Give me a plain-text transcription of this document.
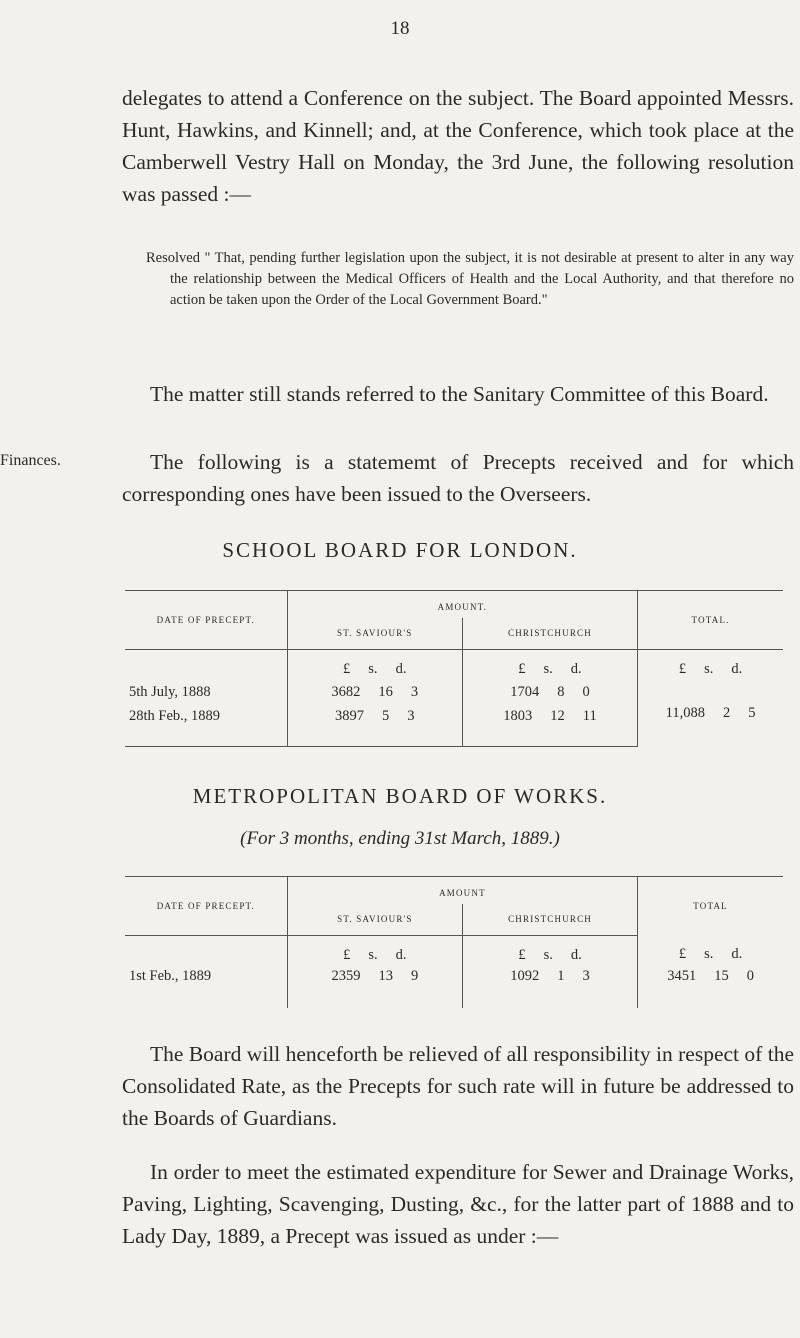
18
delegates to attend a Conference on the subject. The Board appointed Messrs. Hunt, Hawkins, and Kinnell; and, at the Conference, which took place at the Camberwell Vestry Hall on Monday, the 3rd June, the following resolution was passed :—
Resolved " That, pending further legislation upon the subject, it is not desirable at present to alter in any way the relationship between the Medical Officers of Health and the Local Authority, and that therefore no action be taken upon the Order of the Local Government Board."
The matter still stands referred to the Sanitary Committee of this Board.
Finances.	The following is a statememt of Precepts received and for which corresponding ones have been issued to the Overseers.
SCHOOL BOARD FOR LONDON.
DATE OF PRECEPT.	AMOUNT.		TOTAL.
	ST. SAVIOUR'S	CHRISTCHURCH	

	£ s. d.	£ s. d.	£ s. d.

5th July, 1888	3682 16 3	1704 8 0	11,088 2 5

28th Feb., 1889	3897 5 3	1803 12 11	
METROPOLITAN BOARD OF WORKS.
(For 3 months, ending 31st March, 1889.)
DATE OF PRECEPT.	AMOUNT		TOTAL
	ST. SAVIOUR'S	CHRISTCHURCH	

	£ s. d.	£ s. d.	£ s. d.

1st Feb., 1889	2359 13 9	1092 1 3	3451 15 0
The Board will henceforth be relieved of all responsibility in respect of the Consolidated Rate, as the Precepts for such rate will in future be addressed to the Boards of Guardians.
In order to meet the estimated expenditure for Sewer and Drainage Works, Paving, Lighting, Scavenging, Dusting, &c., for the latter part of 1888 and to Lady Day, 1889, a Precept was issued as under :—
